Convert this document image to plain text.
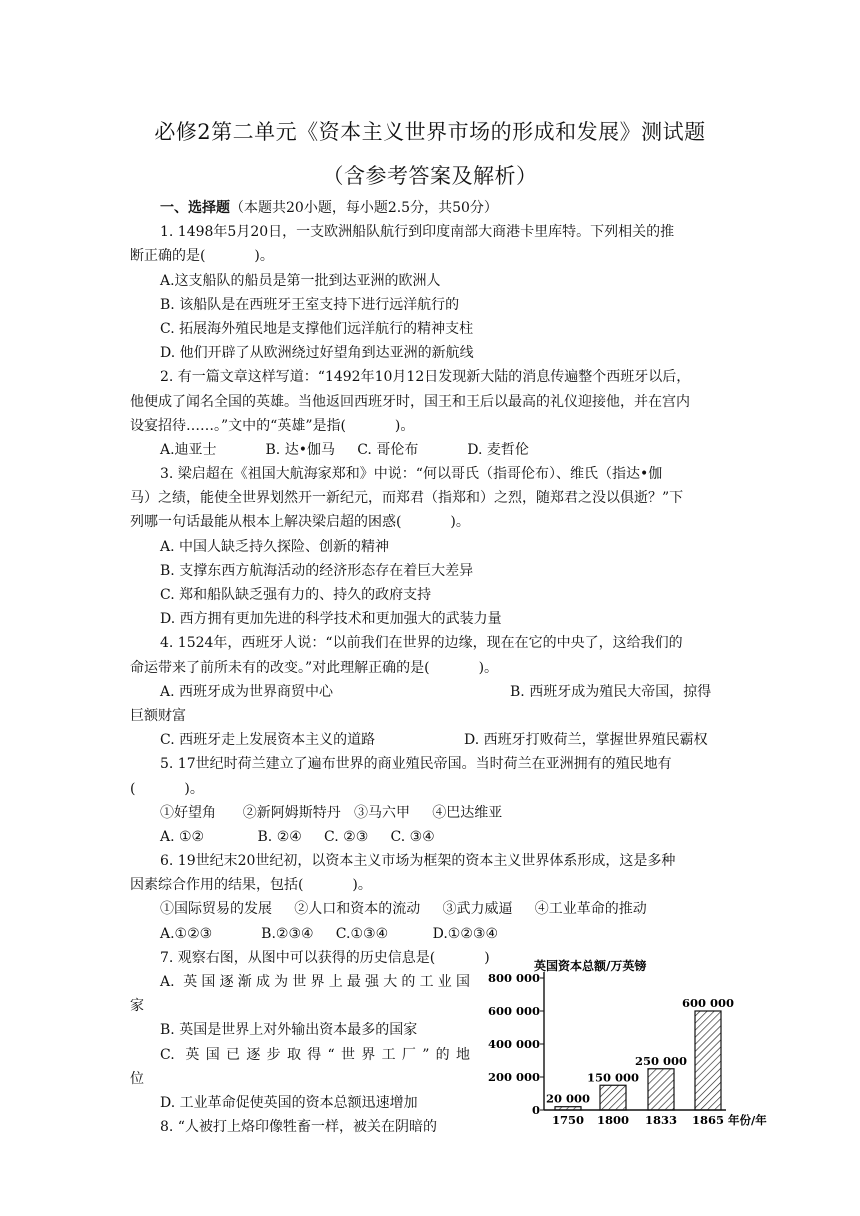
必修2第二单元《资本主义世界市场的形成和发展》测试题
（含参考答案及解析）
一、选择题（本题共20小题，每小题2.5分，共50分）
1. 1498年5月20日，一支欧洲船队航行到印度南部大商港卡里库特。下列相关的推
断正确的是(           )。
A.这支船队的船员是第一批到达亚洲的欧洲人
B. 该船队是在西班牙王室支持下进行远洋航行的
C. 拓展海外殖民地是支撑他们远洋航行的精神支柱
D. 他们开辟了从欧洲绕过好望角到达亚洲的新航线
2. 有一篇文章这样写道：“1492年10月12日发现新大陆的消息传遍整个西班牙以后，
他便成了闻名全国的英雄。当他返回西班牙时，国王和王后以最高的礼仪迎接他，并在宫内
设宴招待……。”文中的“英雄”是指(           )。
A.迪亚士           B. 达•伽马     C. 哥伦布           D. 麦哲伦
3. 梁启超在《祖国大航海家郑和》中说：“何以哥氏（指哥伦布）、维氏（指达•伽
马）之绩，能使全世界划然开一新纪元，而郑君（指郑和）之烈，随郑君之没以俱逝？”下
列哪一句话最能从根本上解决梁启超的困惑(           )。
A. 中国人缺乏持久探险、创新的精神
B. 支撑东西方航海活动的经济形态存在着巨大差异
C. 郑和船队缺乏强有力的、持久的政府支持
D. 西方拥有更加先进的科学技术和更加强大的武装力量
4. 1524年，西班牙人说：“以前我们在世界的边缘，现在在它的中央了，这给我们的
命运带来了前所未有的改变。”对此理解正确的是(           )。
A. 西班牙成为世界商贸中心	B. 西班牙成为殖民大帝国，掠得
巨额财富
C. 西班牙走上发展资本主义的道路	D. 西班牙打败荷兰，掌握世界殖民霸权
5. 17世纪时荷兰建立了遍布世界的商业殖民帝国。当时荷兰在亚洲拥有的殖民地有
(           )。
①好望角      ②新阿姆斯特丹   ③马六甲     ④巴达维亚
A. ①②            B. ②④     C. ②③     C. ③④
6. 19世纪末20世纪初，以资本主义市场为框架的资本主义世界体系形成，这是多种
因素综合作用的结果，包括(           )。
①国际贸易的发展     ②人口和资本的流动     ③武力威逼     ④工业革命的推动
A.①②③           B.②③④     C.①③④          D.①②③④
7. 观察右图，从图中可以获得的历史信息是(           )
A. 英国逐渐成为世界上最强大的工业国
家
B. 英国是世界上对外输出资本最多的国家
C. 英国已逐步取得“世界工厂”的地
位
D. 工业革命促使英国的资本总额迅速增加
8. “人被打上烙印像牲畜一样，被关在阴暗的
英国资本总额/万英镑
0
200 000
400 000
600 000
800 000
20 000
1750
150 000
1800
250 000
1833
600 000
1865 年份/年
